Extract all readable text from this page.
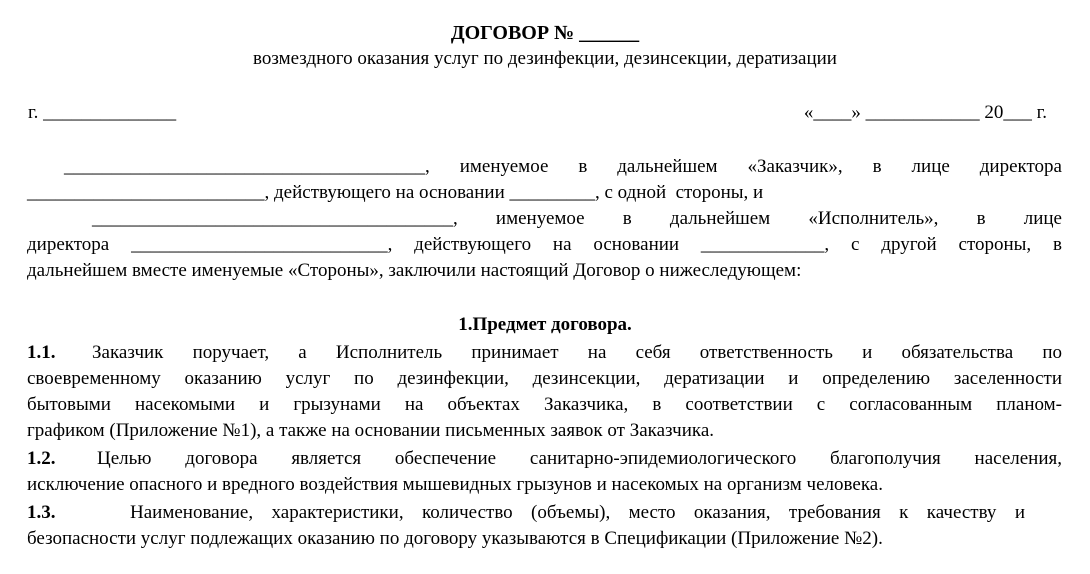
ДОГОВОР № ______
возмездного оказания услуг по дезинфекции, дезинсекции, дератизации
г. ______________	«____» ____________ 20___ г.
______________________________________, именуемое в дальнейшем «Заказчик», в лице директора
_________________________, действующего на основании _________, с одной  стороны, и
______________________________________, именуемое в дальнейшем «Исполнитель», в лице
директора ___________________________, действующего на основании _____________, с другой стороны, в
дальнейшем вместе именуемые «Стороны», заключили настоящий Договор о нижеследующем:
1.Предмет договора.
1.1. Заказчик поручает, а Исполнитель принимает на себя ответственность и обязательства по
своевременному оказанию услуг по дезинфекции, дезинсекции, дератизации и определению заселенности
бытовыми насекомыми и грызунами на объектах Заказчика, в соответствии с согласованным планом-
графиком (Приложение №1), а также на основании письменных заявок от Заказчика.
1.2. Целью договора является обеспечение санитарно-эпидемиологического благополучия населения,
исключение опасного и вредного воздействия мышевидных грызунов и насекомых на организм человека.
1.3.	Наименование, характеристики, количество (объемы), место оказания, требования к качеству и
безопасности услуг подлежащих оказанию по договору указываются в Спецификации (Приложение №2).
